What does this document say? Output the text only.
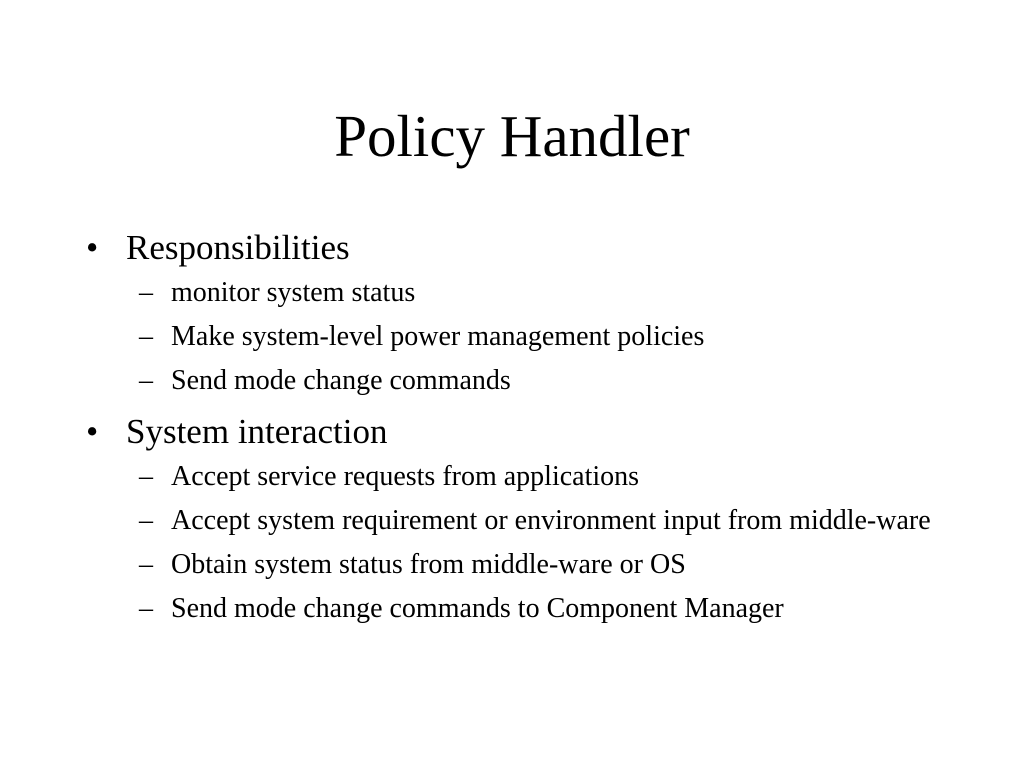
Policy Handler
• Responsibilities
– monitor system status
– Make system-level power management policies
– Send mode change commands
• System interaction
– Accept service requests from applications
– Accept system requirement or environment input from middle-ware
– Obtain system status from middle-ware or OS
– Send mode change commands to Component Manager
